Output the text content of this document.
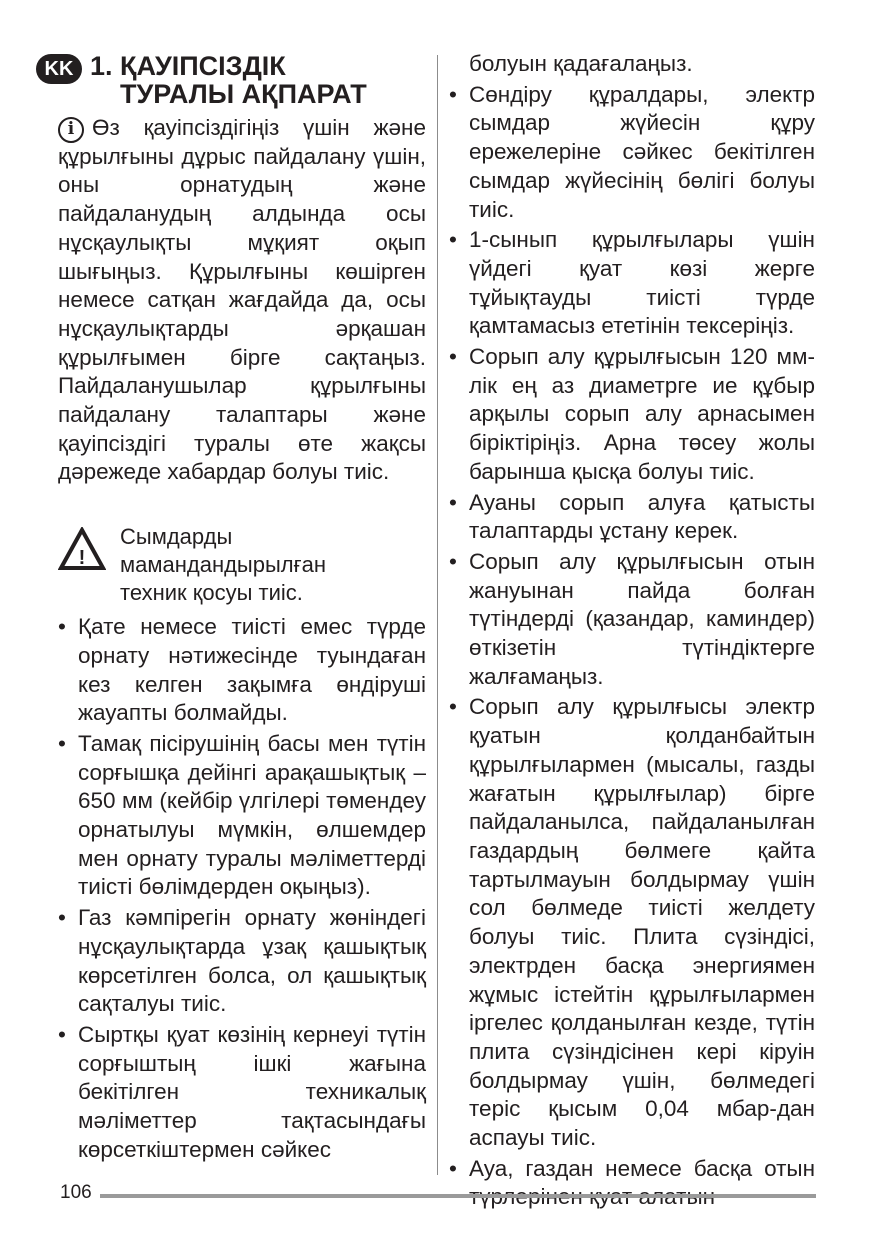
KK 1. ҚАУІПСІЗДІК
ТУРАЛЫ АҚПАРАТ
i Өз қауіпсіздігіңіз үшін және құрылғыны дұрыс пайдалану үшін, оны орнатудың және пайдаланудың алдында осы нұсқаулықты мұқият оқып шығыңыз. Құрылғыны көшірген немесе сатқан жағдайда да, осы нұсқаулықтарды әрқашан құрылғымен бірге сақтаңыз. Пайдаланушылар құрылғыны пайдалану талаптары және қауіпсіздігі туралы өте жақсы дәрежеде хабардар болуы тиіс.

!
Сымдарды
мамандандырылған
техник қосуы тиіс.
• Қате немесе тиісті емес түрде орнату нәтижесінде туындаған кез келген зақымға өндіруші жауапты болмайды.
• Тамақ пісірушінің басы мен түтін сорғышқа дейінгі арақашықтық – 650 мм (кейбір үлгілері төмендеу орнатылуы мүмкін, өлшемдер мен орнату туралы мәліметтерді тиісті бөлімдерден оқыңыз).
• Газ кәмпірегін орнату жөніндегі нұсқаулықтарда ұзақ қашықтық көрсетілген болса, ол қашықтық сақталуы тиіс.
• Сыртқы қуат көзінің кернеуі түтін сорғыштың ішкі жағына бекітілген техникалық мәліметтер тақтасындағы көрсеткіштермен сәйкес

болуын қадағалаңыз.

• Сөндіру құралдары, электр сымдар жүйесін құру ережелеріне сәйкес бекітілген сымдар жүйесінің бөлігі болуы тиіс.
• 1-сынып құрылғылары үшін үйдегі қуат көзі жерге тұйықтауды тиісті түрде қамтамасыз ететінін тексеріңіз.
• Сорып алу құрылғысын 120 мм-лік ең аз диаметрге ие құбыр арқылы сорып алу арнасымен біріктіріңіз. Арна төсеу жолы барынша қысқа болуы тиіс.
• Ауаны сорып алуға қатысты талаптарды ұстану керек.
• Сорып алу құрылғысын отын жануынан пайда болған түтіндерді (қазандар, каминдер) өткізетін түтіндіктерге жалғамаңыз.
• Сорып алу құрылғысы электр қуатын қолданбайтын құрылғылармен (мысалы, газды жағатын құрылғылар) бірге пайдаланылса, пайдаланылған газдардың бөлмеге қайта тартылмауын болдырмау үшін сол бөлмеде тиісті желдету болуы тиіс. Плита сүзіндісі, электрден басқа энергиямен жұмыс істейтін құрылғылармен іргелес қолданылған кезде, түтін плита сүзіндісінен кері кіруін болдырмау үшін, бөлмедегі теріс қысым 0,04 мбар-дан аспауы тиіс.
• Ауа, газдан немесе басқа отын
106
